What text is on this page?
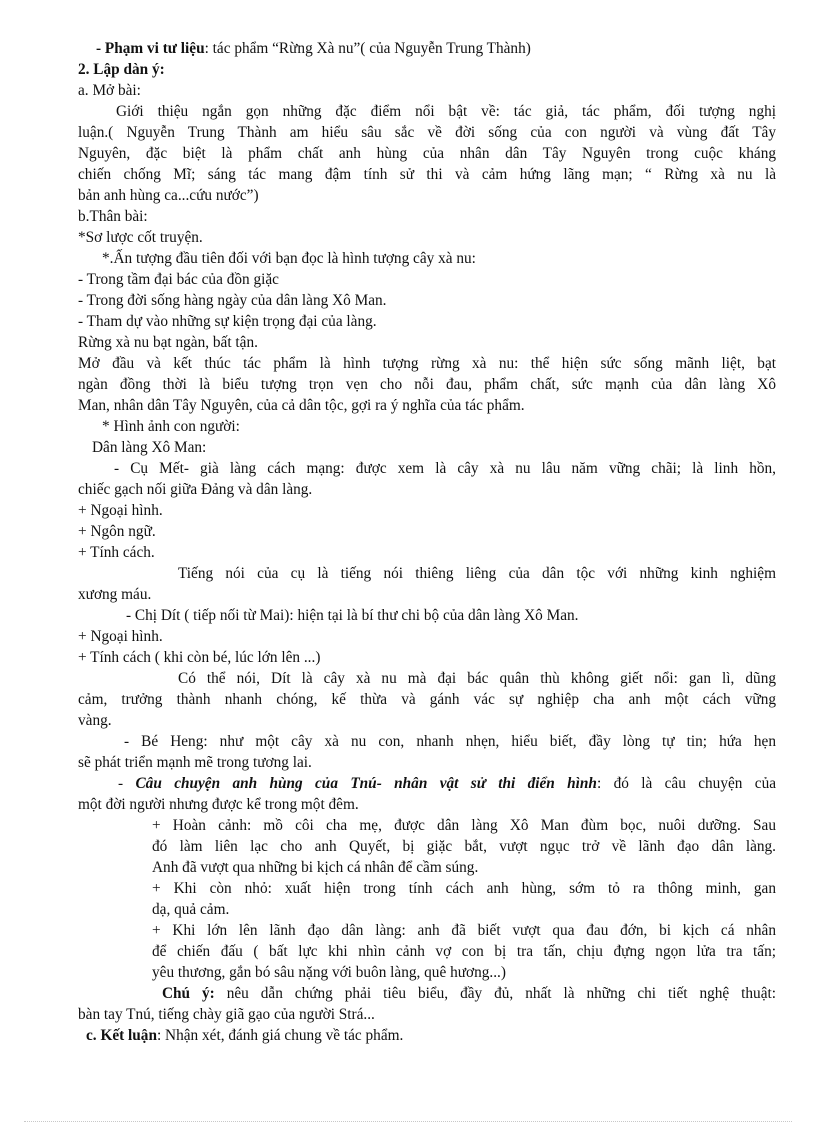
- Phạm vi tư liệu: tác phẩm “Rừng Xà nu”( của Nguyễn Trung Thành)
2. Lập dàn ý:
a. Mở bài:
Giới thiệu ngắn gọn những đặc điểm nổi bật về: tác giả, tác phẩm, đối tượng nghị
luận.( Nguyễn Trung Thành am hiểu sâu sắc về đời sống của con người và vùng đất Tây
Nguyên, đặc biệt là phẩm chất anh hùng của nhân dân Tây Nguyên trong cuộc kháng
chiến chống Mĩ; sáng tác mang đậm tính sử thi và cảm hứng lãng mạn; “ Rừng xà nu là
bản anh hùng ca...cứu nước”)
b.Thân bài:
*Sơ lược cốt truyện.
*.Ấn tượng đầu tiên đối với bạn đọc là hình tượng cây xà nu:
- Trong tầm đại bác của đồn giặc
- Trong đời sống hàng ngày của dân làng Xô Man.
- Tham dự vào những sự kiện trọng đại của làng.
Rừng xà nu bạt ngàn, bất tận.
Mở đầu và kết thúc tác phẩm là hình tượng rừng xà nu: thể hiện sức sống mãnh liệt, bạt
ngàn đồng thời là biểu tượng trọn vẹn cho nỗi đau, phẩm chất, sức mạnh của dân làng Xô
Man, nhân dân Tây Nguyên, của cả dân tộc, gợi ra ý nghĩa của tác phẩm.
* Hình ảnh con người:
Dân làng Xô Man:
- Cụ Mết- già làng cách mạng: được xem là cây xà nu lâu năm vững chãi; là linh hồn,
chiếc gạch nối giữa Đảng và dân làng.
+ Ngoại hình.
+ Ngôn ngữ.
+ Tính cách.
Tiếng nói của cụ là tiếng nói thiêng liêng của dân tộc với những kinh nghiệm
xương máu.
- Chị Dít ( tiếp nối từ Mai): hiện tại là bí thư chi bộ của dân làng Xô Man.
+ Ngoại hình.
+ Tính cách ( khi còn bé, lúc lớn lên ...)
Có thể nói, Dít là cây xà nu mà đại bác quân thù không giết nổi: gan lì, dũng
cảm, trưởng thành nhanh chóng, kế thừa và gánh vác sự nghiệp cha anh một cách vững
vàng.
- Bé Heng: như một cây xà nu con, nhanh nhẹn, hiểu biết, đầy lòng tự tin; hứa hẹn
sẽ phát triển mạnh mẽ trong tương lai.
- Câu chuyện anh hùng của Tnú- nhân vật sử thi điển hình: đó là câu chuyện của
một đời người nhưng được kể trong một đêm.
+ Hoàn cảnh: mồ côi cha mẹ, được dân làng Xô Man đùm bọc, nuôi dưỡng. Sau
đó làm liên lạc cho anh Quyết, bị giặc bắt, vượt ngục trở về lãnh đạo dân làng.
Anh đã vượt qua những bi kịch cá nhân để cầm súng.
+ Khi còn nhỏ: xuất hiện trong tính cách anh hùng, sớm tỏ ra thông minh, gan
dạ, quả cảm.
+ Khi lớn lên lãnh đạo dân làng: anh đã biết vượt qua đau đớn, bi kịch cá nhân
để chiến đấu ( bất lực khi nhìn cảnh vợ con bị tra tấn, chịu đựng ngọn lửa tra tấn;
yêu thương, gắn bó sâu nặng với buôn làng, quê hương...)
Chú ý: nêu dẫn chứng phải tiêu biểu, đầy đủ, nhất là những chi tiết nghệ thuật:
bàn tay Tnú, tiếng chày giã gạo của người Strá...
c. Kết luận: Nhận xét, đánh giá chung về tác phẩm.
